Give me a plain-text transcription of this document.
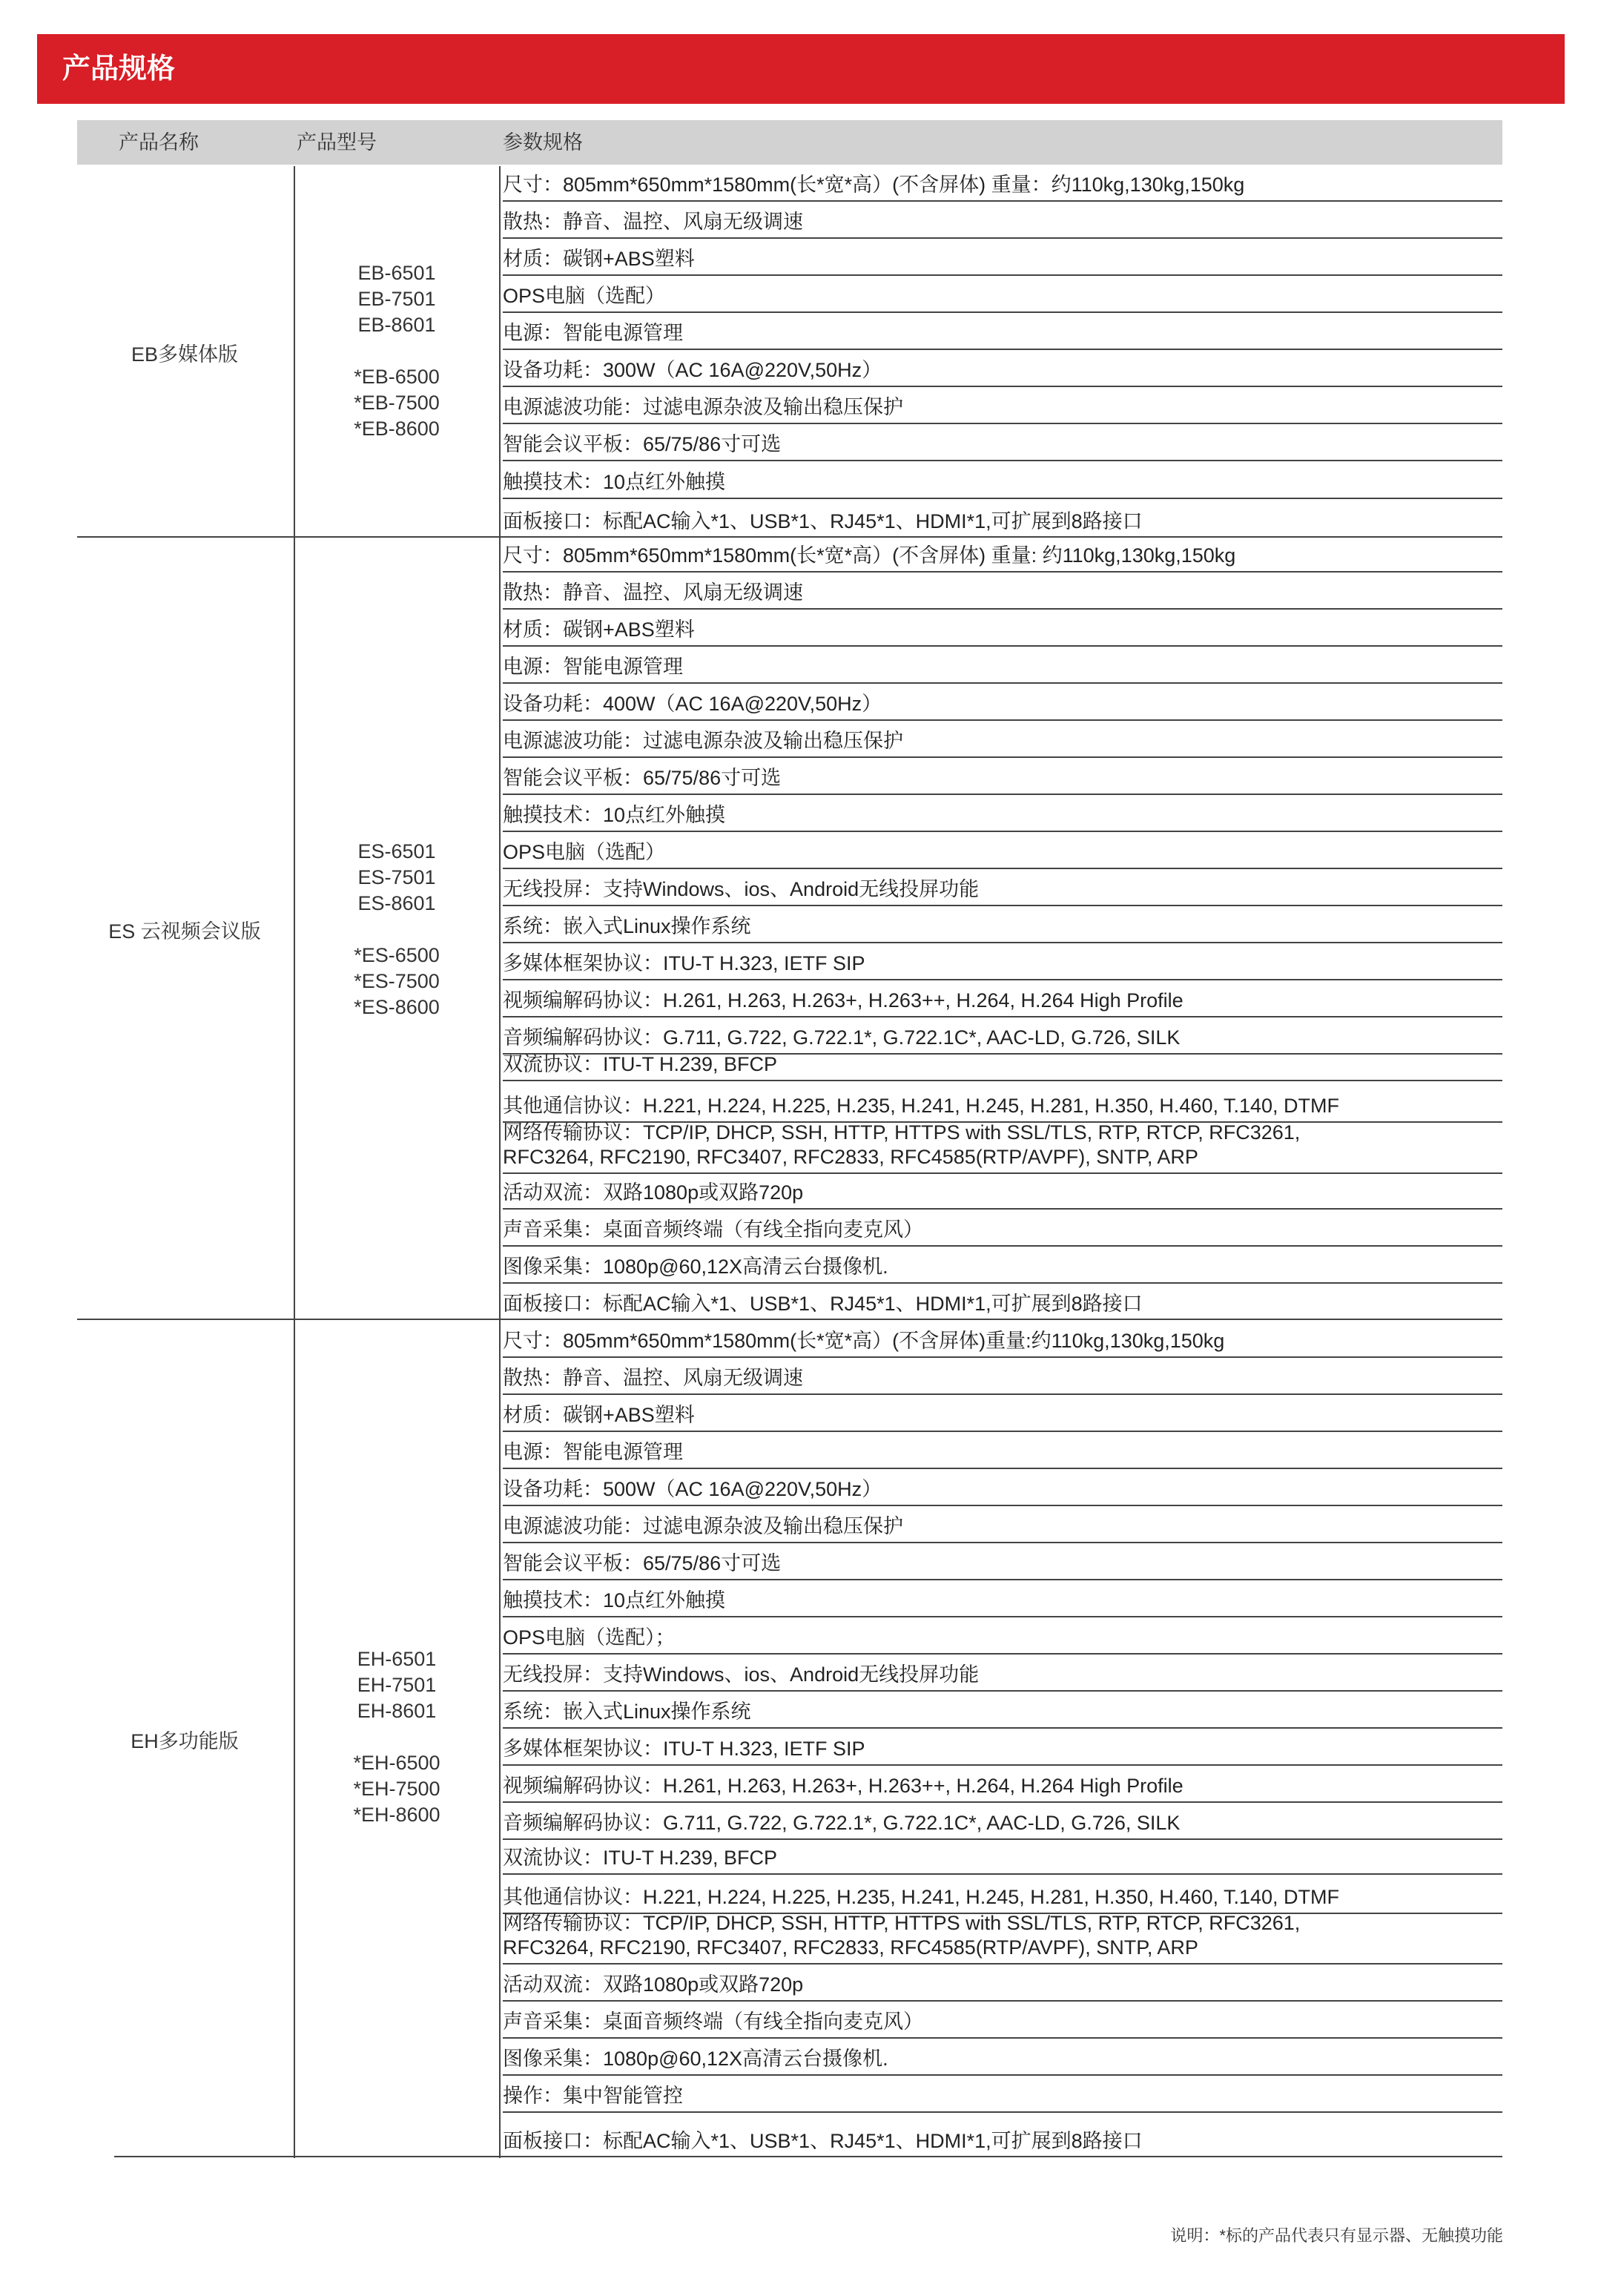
产品规格
产品名称	产品型号	参数规格
EB多媒体版
EB-6501
EB-7501
EB-8601
*EB-6500
*EB-7500
*EB-8600
尺寸：805mm*650mm*1580mm(长*宽*高）(不含屏体) 重量：约110kg,130kg,150kg
散热：静音、温控、风扇无级调速
材质：碳钢+ABS塑料
OPS电脑（选配）
电源：智能电源管理
设备功耗：300W（AC 16A@220V,50Hz）
电源滤波功能：过滤电源杂波及输出稳压保护
智能会议平板：65/75/86寸可选
触摸技术：10点红外触摸
面板接口：标配AC输入*1、USB*1、RJ45*1、HDMI*1,可扩展到8路接口
ES 云视频会议版
ES-6501
ES-7501
ES-8601
*ES-6500
*ES-7500
*ES-8600
尺寸：805mm*650mm*1580mm(长*宽*高）(不含屏体) 重量: 约110kg,130kg,150kg
散热：静音、温控、风扇无级调速
材质：碳钢+ABS塑料
电源：智能电源管理
设备功耗：400W（AC 16A@220V,50Hz）
电源滤波功能：过滤电源杂波及输出稳压保护
智能会议平板：65/75/86寸可选
触摸技术：10点红外触摸
OPS电脑（选配）
无线投屏：支持Windows、ios、Android无线投屏功能
系统：嵌入式Linux操作系统
多媒体框架协议：ITU-T H.323, IETF SIP
视频编解码协议：H.261, H.263, H.263+, H.263++, H.264, H.264 High Profile
音频编解码协议：G.711, G.722, G.722.1*, G.722.1C*, AAC-LD, G.726, SILK
双流协议：ITU-T H.239, BFCP
其他通信协议：H.221, H.224, H.225, H.235, H.241, H.245, H.281, H.350, H.460, T.140, DTMF
网络传输协议：TCP/IP, DHCP, SSH, HTTP, HTTPS with SSL/TLS, RTP, RTCP, RFC3261,
RFC3264, RFC2190, RFC3407, RFC2833, RFC4585(RTP/AVPF), SNTP, ARP
活动双流：双路1080p或双路720p
声音采集：桌面音频终端（有线全指向麦克风）
图像采集：1080p@60,12X高清云台摄像机.
面板接口：标配AC输入*1、USB*1、RJ45*1、HDMI*1,可扩展到8路接口
EH多功能版
EH-6501
EH-7501
EH-8601
*EH-6500
*EH-7500
*EH-8600
尺寸：805mm*650mm*1580mm(长*宽*高）(不含屏体)重量:约110kg,130kg,150kg
散热：静音、温控、风扇无级调速
材质：碳钢+ABS塑料
电源：智能电源管理
设备功耗：500W（AC 16A@220V,50Hz）
电源滤波功能：过滤电源杂波及输出稳压保护
智能会议平板：65/75/86寸可选
触摸技术：10点红外触摸
OPS电脑（选配）；
无线投屏：支持Windows、ios、Android无线投屏功能
系统：嵌入式Linux操作系统
多媒体框架协议：ITU-T H.323, IETF SIP
视频编解码协议：H.261, H.263, H.263+, H.263++, H.264, H.264 High Profile
音频编解码协议：G.711, G.722, G.722.1*, G.722.1C*, AAC-LD, G.726, SILK
双流协议：ITU-T H.239, BFCP
其他通信协议：H.221, H.224, H.225, H.235, H.241, H.245, H.281, H.350, H.460, T.140, DTMF
网络传输协议：TCP/IP, DHCP, SSH, HTTP, HTTPS with SSL/TLS, RTP, RTCP, RFC3261,
RFC3264, RFC2190, RFC3407, RFC2833, RFC4585(RTP/AVPF), SNTP, ARP
活动双流：双路1080p或双路720p
声音采集：桌面音频终端（有线全指向麦克风）
图像采集：1080p@60,12X高清云台摄像机.
操作：集中智能管控
面板接口：标配AC输入*1、USB*1、RJ45*1、HDMI*1,可扩展到8路接口
说明：*标的产品代表只有显示器、无触摸功能
